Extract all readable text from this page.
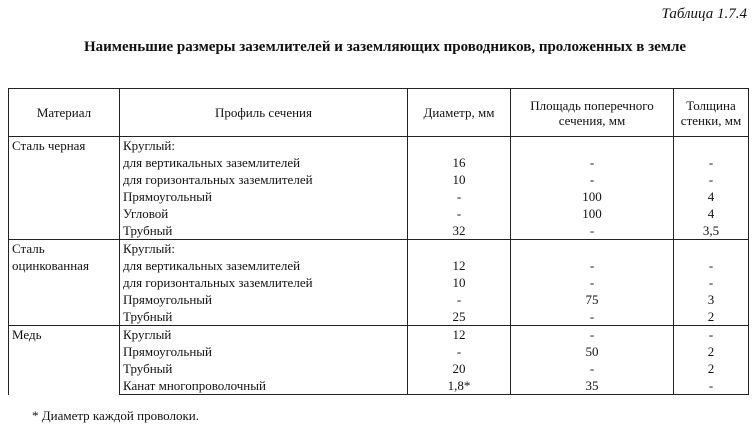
Таблица 1.7.4
Наименьшие размеры заземлителей и заземляющих проводников, проложенных в земле
Материал	Профиль сечения	Диаметр, мм	Площадь поперечного сечения, мм	Толщина стенки, мм
Сталь черная	Круглый:			
	для вертикальных заземлителей	16	-	-
	для горизонтальных заземлителей	10	-	-
	Прямоугольный	-	100	4
	Угловой	-	100	4
	Трубный	32	-	3,5
Сталь оцинкованная	Круглый:			
	для вертикальных заземлителей	12	-	-
	для горизонтальных заземлителей	10	-	-
	Прямоугольный	-	75	3
	Трубный	25	-	2
Медь	Круглый	12	-	-
	Прямоугольный	-	50	2
	Трубный	20	-	2
	Канат многопроволочный	1,8*	35	-
* Диаметр каждой проволоки.
